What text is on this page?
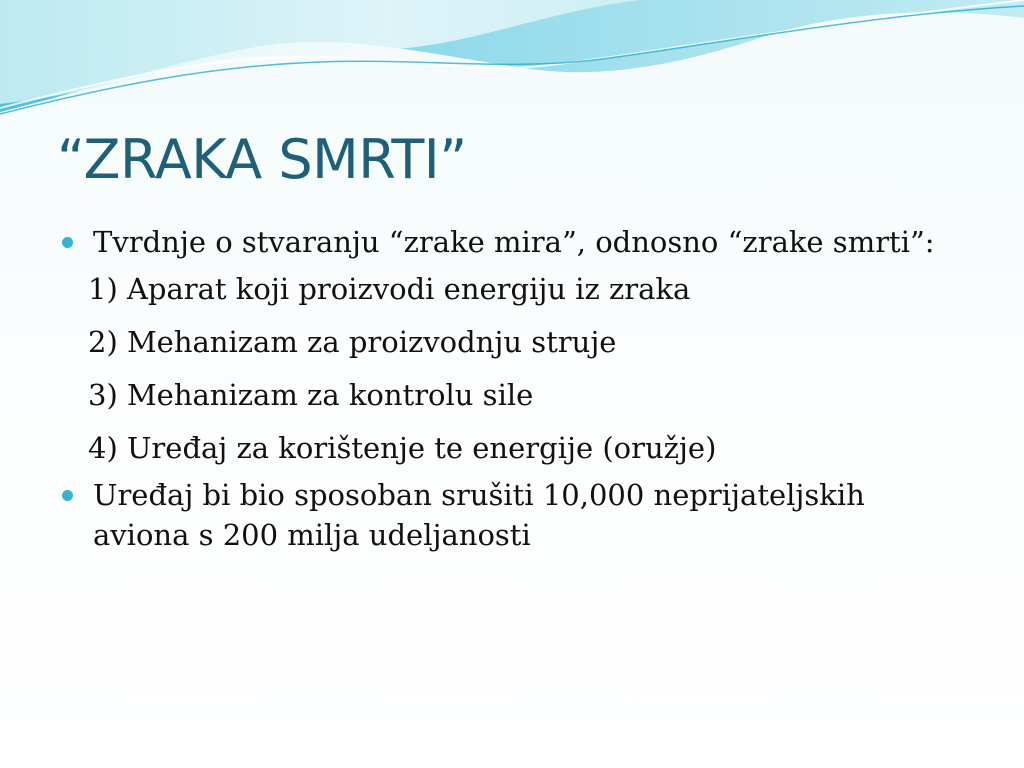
“ZRAKA SMRTI”
Tvrdnje o stvaranju “zrake mira”, odnosno “zrake smrti”:
1) Aparat koji proizvodi energiju iz zraka
2) Mehanizam za proizvodnju struje
3) Mehanizam za kontrolu sile
4) Uređaj za korištenje te energije (oružje)
Uređaj bi bio sposoban srušiti 10,000 neprijateljskih aviona s 200 milja udeljanosti
